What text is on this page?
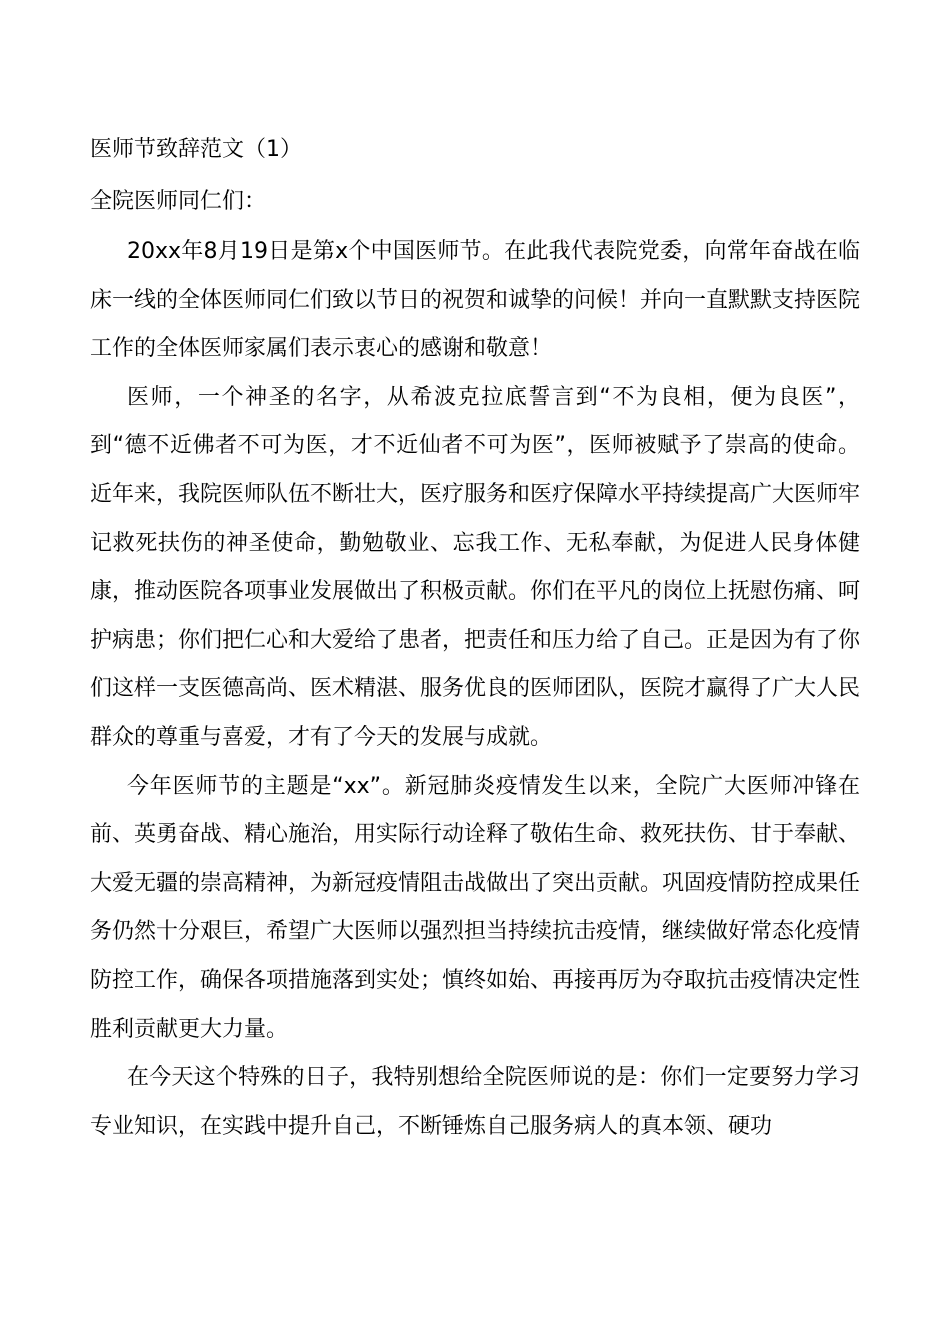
医师节致辞范文（1）

全院医师同仁们：

20xx年8月19日是第x个中国医师节。在此我代表院党委，向常年奋战在临床一线的全体医师同仁们致以节日的祝贺和诚挚的问候！并向一直默默支持医院工作的全体医师家属们表示衷心的感谢和敬意！

医师，一个神圣的名字，从希波克拉底誓言到“不为良相，便为良医”，到“德不近佛者不可为医，才不近仙者不可为医”，医师被赋予了崇高的使命。近年来，我院医师队伍不断壮大，医疗服务和医疗保障水平持续提高广大医师牢记救死扶伤的神圣使命，勤勉敬业、忘我工作、无私奉献，为促进人民身体健康，推动医院各项事业发展做出了积极贡献。你们在平凡的岗位上抚慰伤痛、呵护病患；你们把仁心和大爱给了患者，把责任和压力给了自己。正是因为有了你们这样一支医德高尚、医术精湛、服务优良的医师团队，医院才赢得了广大人民群众的尊重与喜爱，才有了今天的发展与成就。

今年医师节的主题是“xx”。新冠肺炎疫情发生以来，全院广大医师冲锋在前、英勇奋战、精心施治，用实际行动诠释了敬佑生命、救死扶伤、甘于奉献、大爱无疆的崇高精神，为新冠疫情阻击战做出了突出贡献。巩固疫情防控成果任务仍然十分艰巨，希望广大医师以强烈担当持续抗击疫情，继续做好常态化疫情防控工作，确保各项措施落到实处；慎终如始、再接再厉为夺取抗击疫情决定性胜利贡献更大力量。

在今天这个特殊的日子，我特别想给全院医师说的是：你们一定要努力学习专业知识，在实践中提升自己，不断锤炼自己服务病人的真本领、硬功
